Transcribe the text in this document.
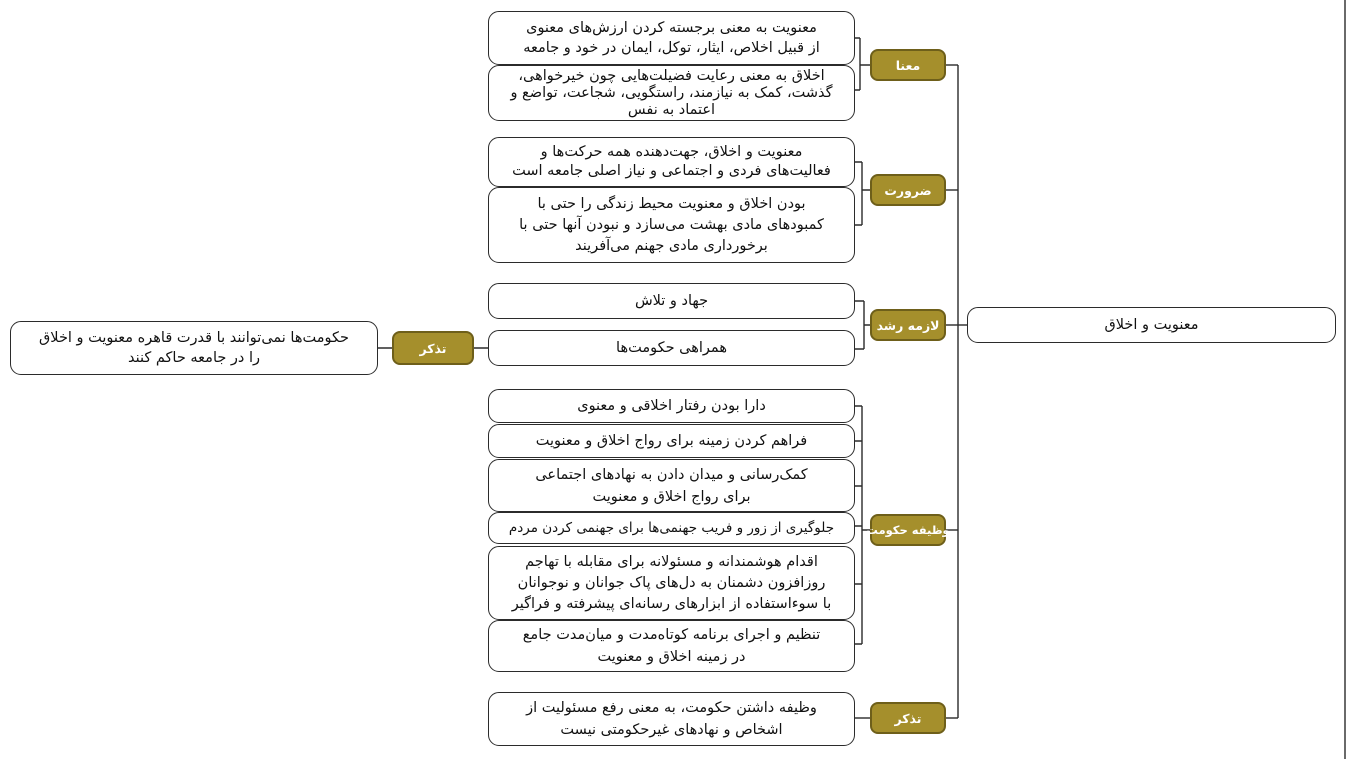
معنویت و اخلاق
تذکر
حکومت‌ها نمی‌توانند با قدرت قاهره معنویت و اخلاق
را در جامعه حاکم کنند
معنا
ضرورت
لازمه رشد
وظیفه حکومت
تذکر
معنویت به معنی برجسته کردن ارزش‌های معنوی
از قبیل اخلاص، ایثار، توکل، ایمان در خود و جامعه
اخلاق به معنی رعایت فضیلت‌هایی چون خیرخواهی،
گذشت، کمک به نیازمند، راستگویی، شجاعت، تواضع و
اعتماد به نفس
معنویت و اخلاق، جهت‌دهنده همه حرکت‌ها و
فعالیت‌های فردی و اجتماعی و نیاز اصلی جامعه است
بودن اخلاق و معنویت محیط زندگی را حتی با
کمبودهای مادی بهشت می‌سازد و نبودن آنها حتی با
برخورداری مادی جهنم می‌آفریند
جهاد و تلاش
همراهی حکومت‌ها
دارا بودن رفتار اخلاقی و معنوی
فراهم کردن زمینه برای رواج اخلاق و معنویت
کمک‌رسانی و میدان دادن به نهادهای اجتماعی
برای رواج اخلاق و معنویت
جلوگیری از زور و فریب جهنمی‌ها برای جهنمی کردن مردم
اقدام هوشمندانه و مسئولانه برای مقابله با تهاجم
روزافزون دشمنان به دل‌های پاک جوانان و نوجوانان
با سوءاستفاده از ابزارهای رسانه‌ای پیشرفته و فراگیر
تنظیم و اجرای برنامه کوتاه‌مدت و میان‌مدت جامع
در زمینه اخلاق و معنویت
وظیفه داشتن حکومت، به معنی رفع مسئولیت از
اشخاص و نهادهای غیرحکومتی نیست
